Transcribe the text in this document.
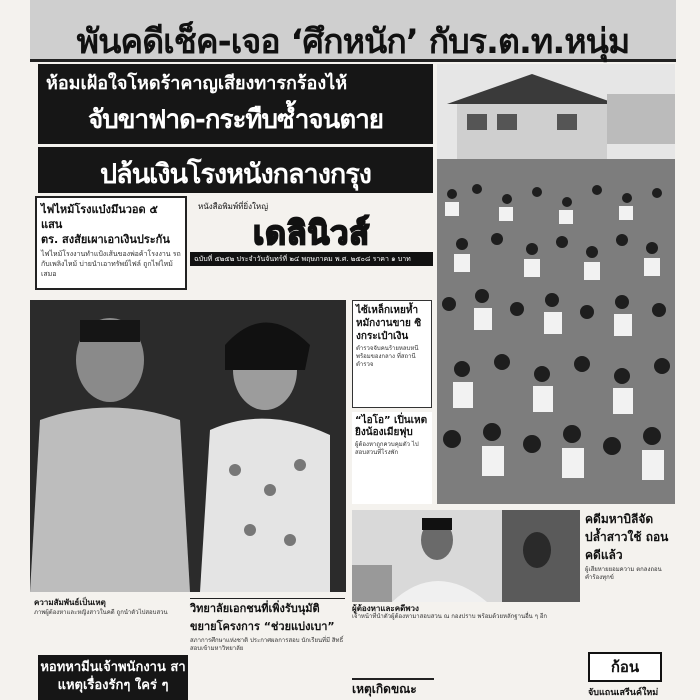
พันคดีเช็ค-เจอ ‘ศึกหนัก’ กับร.ต.ท.หนุ่ม
ห้อมเฝ้อใจโหดร้าคาญเสียงทารกร้องไห้
จับขาฟาด-กระทืบซ้ำจนตาย
ปล้นเงินโรงหนังกลางกรุง
ไฟไหม้โรงแบ๋งมึนวอด ๕ แสน
ตร. สงสัยเผาเอาเงินประกัน
ไฟไหม้โรงงานทำแป้งเส้นของพ่อค้าโรงงาน รถ กับเพลิงไหม้ บ่ายนำเอาทรัพย์ไฟล์ ถูกไฟไหม้เสมอ
หนังสือพิมพ์ที่ยิ่งใหญ่
เดลินิวส์
ฉบับที่ ๕๒๕๒ ประจำวันจันทร์ที่ ๒๔ พฤษภาคม พ.ศ. ๒๕๐๘ ราคา ๑ บาท
ไซ้เหล็กเหยห้ำ หมักงานขาย ซิงกระเป๋าเงิน
ตำรวจจับคนร้ายหลบหนีพร้อมของกลาง ที่สถานีตำรวจ
“ไอโอ” เปิ่นเหต ยิงน้องเมียฟุบ
ผู้ต้องหาถูกควบคุมตัว ไปสอบสวนที่โรงพัก
ความสัมพันธ์เป็นเหตุ
ภาพผู้ต้องหาและหญิงสาวในคดี ถูกนำตัวไปสอบสวน	วิทยาลัยเอกชนที่เพิ่งรับนุมัติ
ขยายโครงการ “ช่วยแบ่งเบา”
สภาการศึกษาแห่งชาติ ประกาศผลการสอบ นักเรียนที่มี สิทธิ์ สอบเข้ามหาวิทยาลัย
ผู้ต้องหาและคดีพวง
เจ้าหน้าที่นำตัวผู้ต้องหามาสอบสวน ณ กองปราบ พร้อมด้วยหลักฐานอื่น ๆ อีก
คดีมหาบิลีจัด ปล้ำสาวใช้ ถอนคดีแล้ว
ผู้เสียหายยอมความ ตกลงถอนคำร้องทุกข์
หอทหามีนเจ้าพนักงาน สาแหตุเรื่องรักๆ ใคร่ ๆ	เหตุเกิดขณะ
ก้อน
จับแถนเสรีนค์ใหม่
